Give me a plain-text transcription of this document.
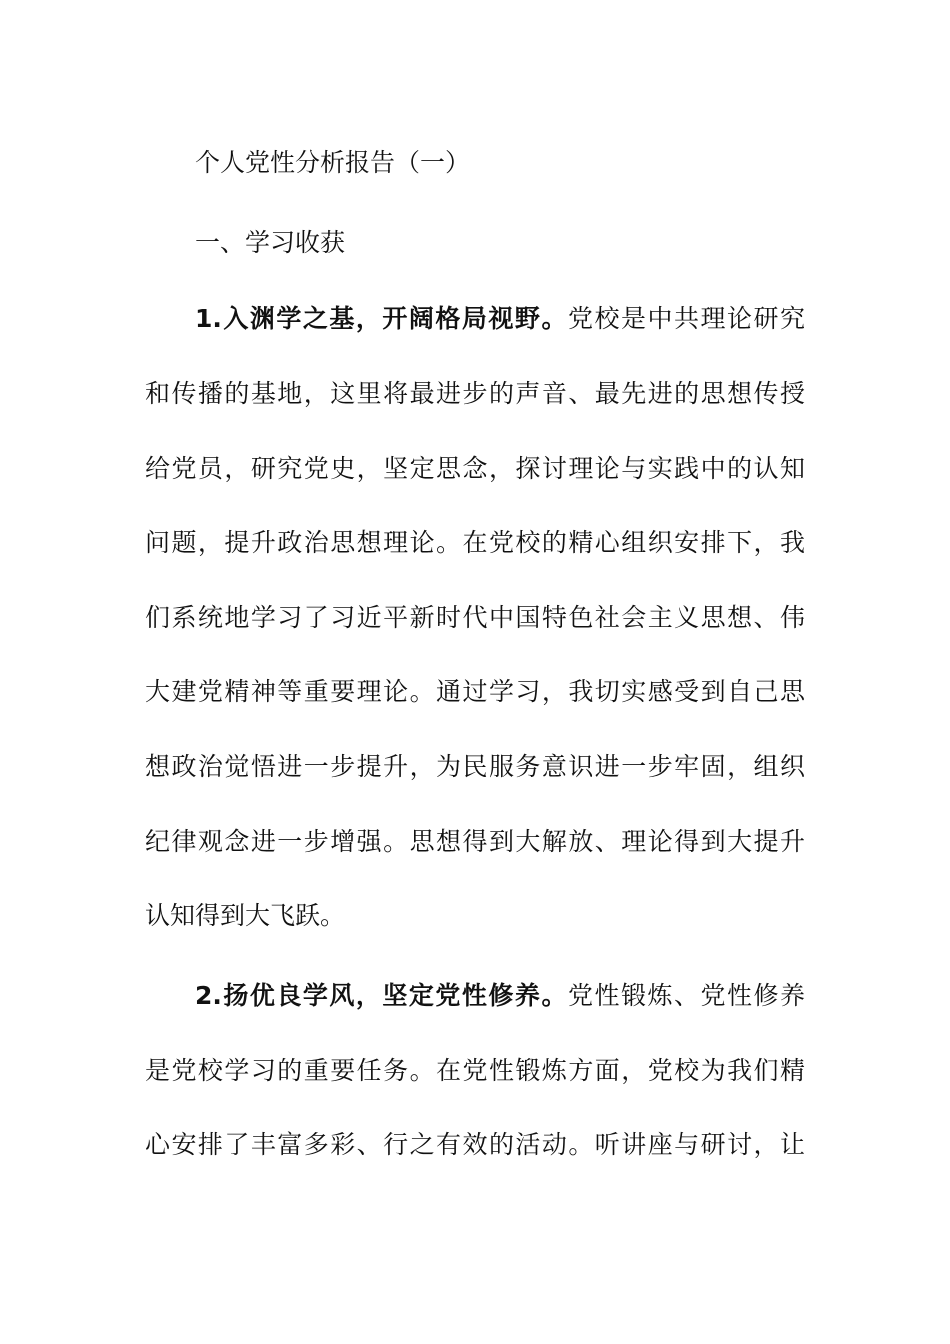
个人党性分析报告（一）
一、学习收获
1.入渊学之基，开阔格局视野。党校是中共理论研究
和传播的基地，这里将最进步的声音、最先进的思想传授
给党员，研究党史，坚定思念，探讨理论与实践中的认知
问题，提升政治思想理论。在党校的精心组织安排下，我
们系统地学习了习近平新时代中国特色社会主义思想、伟
大建党精神等重要理论。通过学习，我切实感受到自己思
想政治觉悟进一步提升，为民服务意识进一步牢固，组织
纪律观念进一步增强。思想得到大解放、理论得到大提升
认知得到大飞跃。
2.扬优良学风，坚定党性修养。党性锻炼、党性修养
是党校学习的重要任务。在党性锻炼方面，党校为我们精
心安排了丰富多彩、行之有效的活动。听讲座与研讨，让
